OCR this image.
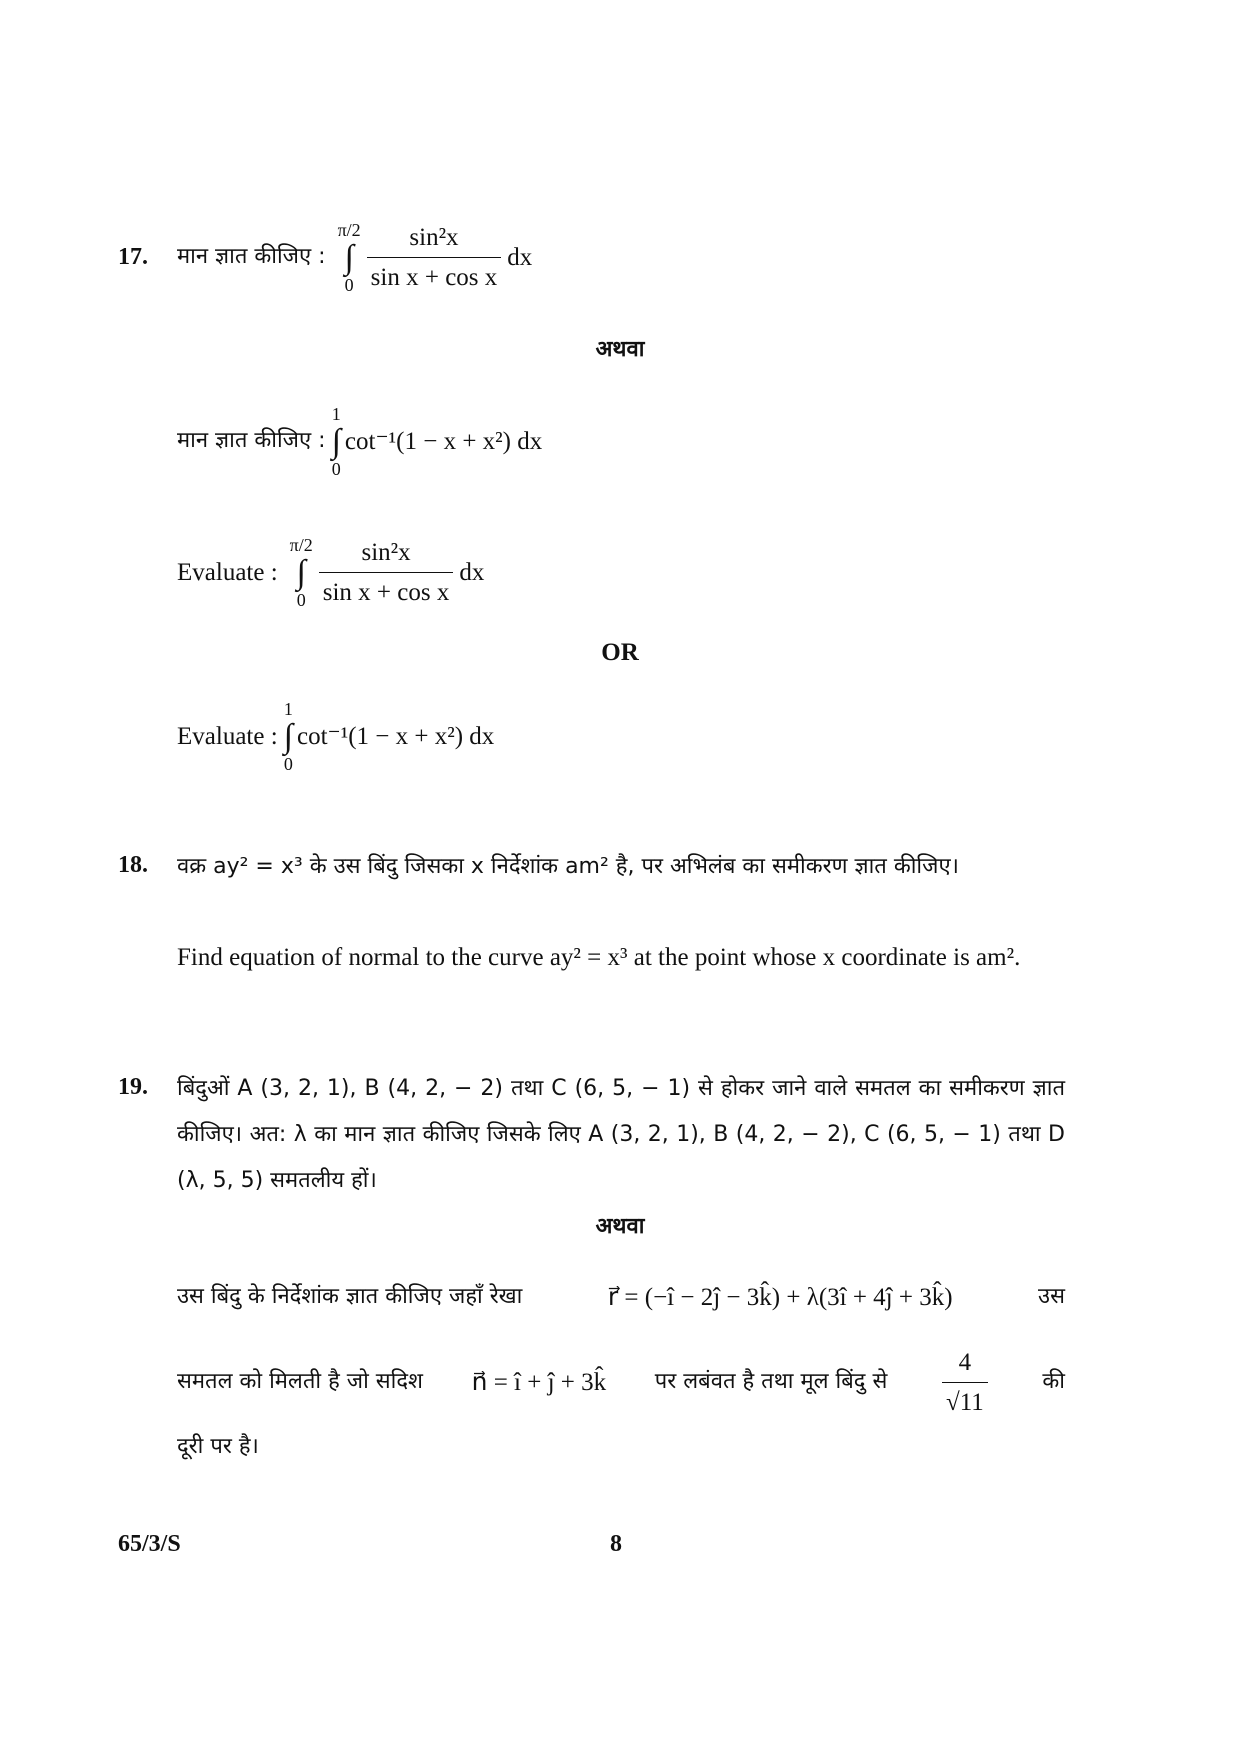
17. मान ज्ञात कीजिए :
π/2
∫
$0 \frac{\text{sin²x}}{\text{sin x + cos x}}$ dx
अथवा
मान ज्ञात कीजिए :
1
∫
0
cot⁻¹(1 − x + x²) dx
Evaluate :
π/2
∫
$0 \frac{\text{sin²x}}{\text{sin x + cos x}}$ dx
OR
Evaluate :
1
∫
0
cot⁻¹(1 − x + x²) dx
18. वक्र ay² = x³ के उस बिंदु जिसका x निर्देशांक am² है, पर अभिलंब का समीकरण ज्ञात कीजिए।
Find equation of normal to the curve ay² = x³ at the point whose x coordinate is am².
19. बिंदुओं A (3, 2, 1), B (4, 2, − 2) तथा C (6, 5, − 1) से होकर जाने वाले समतल का समीकरण ज्ञात कीजिए। अत: λ का मान ज्ञात कीजिए जिसके लिए A (3, 2, 1), B (4, 2, − 2), C (6, 5, − 1) तथा D (λ, 5, 5) समतलीय हों।
अथवा
उस बिंदु के निर्देशांक ज्ञात कीजिए जहाँ रेखा	r⃗ = (−î − 2ĵ − 3k̂) + λ(3î + 4ĵ + 3k̂)	उस
समतल को मिलती है जो सदिश n⃗ = î + ĵ + 3k̂ पर लबंवत है तथा मूल बिंदु से $\frac{4}{√11}$ की
दूरी पर है।
65/3/S	8
